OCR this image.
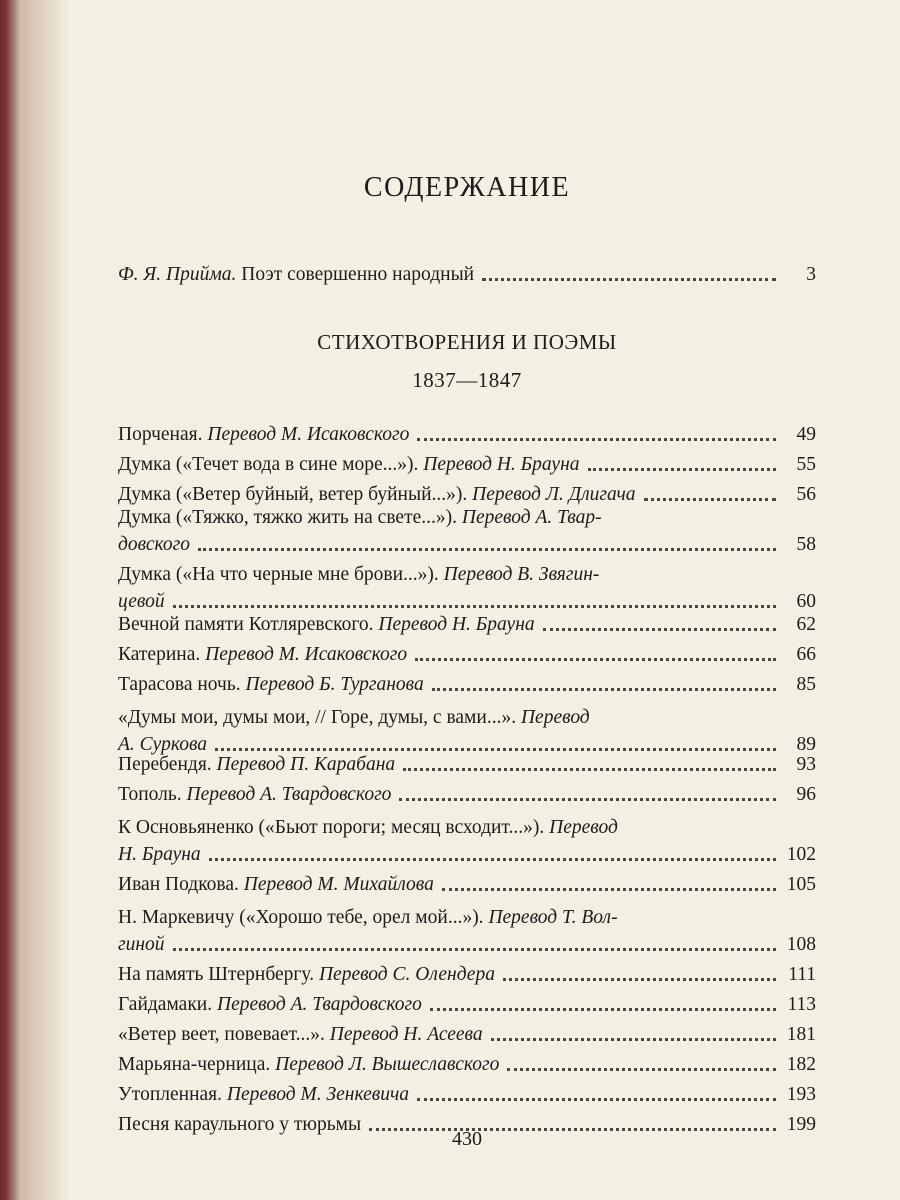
СОДЕРЖАНИЕ
Ф. Я. Прийма. Поэт совершенно народный	3
СТИХОТВОРЕНИЯ И ПОЭМЫ
1837—1847
Порченая. Перевод М. Исаковского	49
Думка («Течет вода в сине море...»). Перевод Н. Брауна	55
Думка («Ветер буйный, ветер буйный...»). Перевод Л. Длигача	56
Думка («Тяжко, тяжко жить на свете...»). Перевод А. Твар-
довского	58
Думка («На что черные мне брови...»). Перевод В. Звягин-
цевой	60
Вечной памяти Котляревского. Перевод Н. Брауна	62
Катерина. Перевод М. Исаковского	66
Тарасова ночь. Перевод Б. Турганова	85
«Думы мои, думы мои, // Горе, думы, с вами...». Перевод
А. Суркова	89
Перебендя. Перевод П. Карабана	93
Тополь. Перевод А. Твардовского	96
К Основьяненко («Бьют пороги; месяц всходит...»). Перевод
Н. Брауна	102
Иван Подкова. Перевод М. Михайлова	105
Н. Маркевичу («Хорошо тебе, орел мой...»). Перевод Т. Вол-
гиной	108
На память Штернбергу. Перевод С. Олендера	111
Гайдамаки. Перевод А. Твардовского	113
«Ветер веет, повевает...». Перевод Н. Асеева	181
Марьяна-черница. Перевод Л. Вышеславского	182
Утопленная. Перевод М. Зенкевича	193
Песня караульного у тюрьмы	199
430
